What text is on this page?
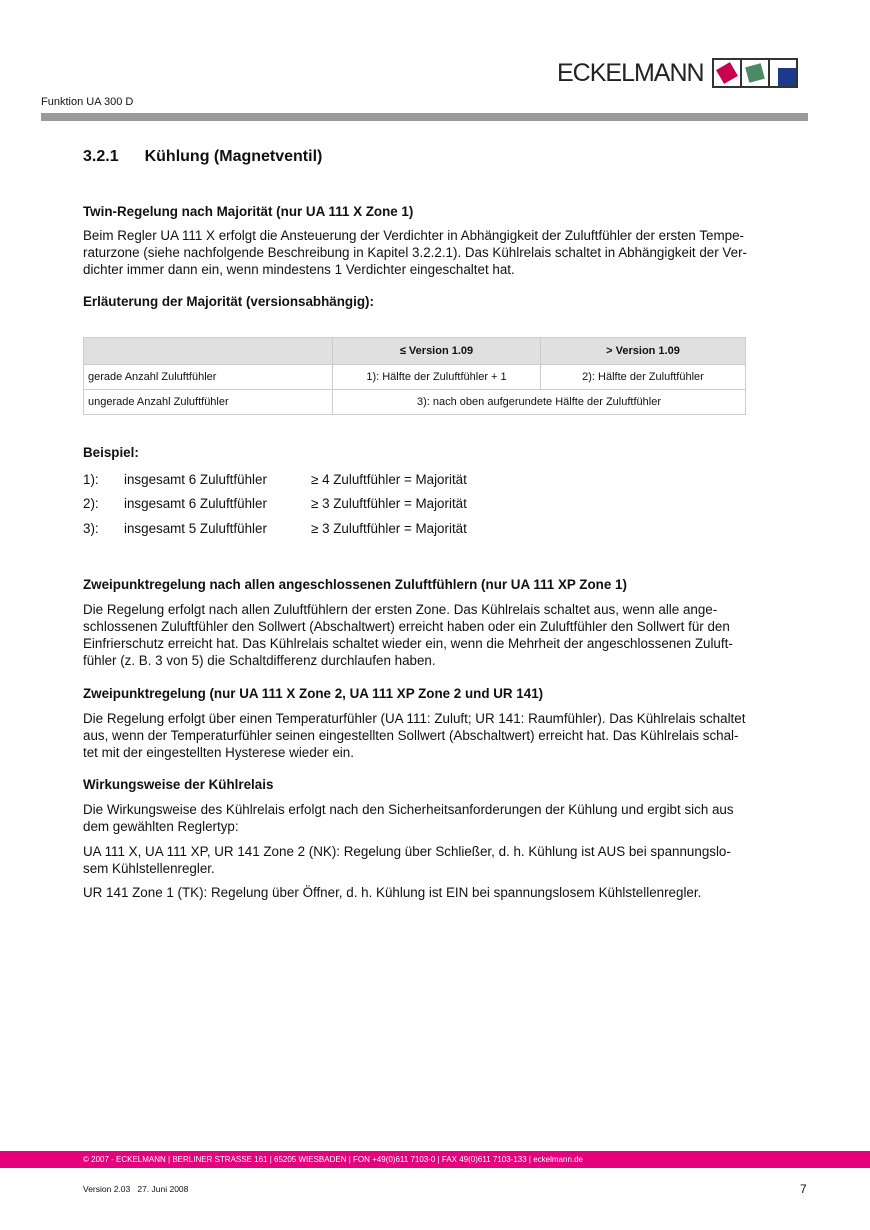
ECKELMANN
Funktion UA 300 D
3.2.1 Kühlung (Magnetventil)
Twin-Regelung nach Majorität (nur UA 111 X Zone 1)
Beim Regler UA 111 X erfolgt die Ansteuerung der Verdichter in Abhängigkeit der Zuluftfühler der ersten Tempe-
raturzone (siehe nachfolgende Beschreibung in Kapitel 3.2.2.1). Das Kühlrelais schaltet in Abhängigkeit der Ver-
dichter immer dann ein, wenn mindestens 1 Verdichter eingeschaltet hat.
Erläuterung der Majorität (versionsabhängig):
	≤ Version 1.09	> Version 1.09
gerade Anzahl Zuluftfühler	1): Hälfte der Zuluftfühler + 1	2): Hälfte der Zuluftfühler
ungerade Anzahl Zuluftfühler	3): nach oben aufgerundete Hälfte der Zuluftfühler	
Beispiel:
1):	insgesamt 6 Zuluftfühler	≥ 4 Zuluftfühler = Majorität
2):	insgesamt 6 Zuluftfühler	≥ 3 Zuluftfühler = Majorität
3):	insgesamt 5 Zuluftfühler	≥ 3 Zuluftfühler = Majorität
Zweipunktregelung nach allen angeschlossenen Zuluftfühlern (nur UA 111 XP Zone 1)
Die Regelung erfolgt nach allen Zuluftfühlern der ersten Zone. Das Kühlrelais schaltet aus, wenn alle ange-
schlossenen Zuluftfühler den Sollwert (Abschaltwert) erreicht haben oder ein Zuluftfühler den Sollwert für den
Einfrierschutz erreicht hat. Das Kühlrelais schaltet wieder ein, wenn die Mehrheit der angeschlossenen Zuluft-
fühler (z. B. 3 von 5) die Schaltdifferenz durchlaufen haben.
Zweipunktregelung (nur UA 111 X Zone 2, UA 111 XP Zone 2 und UR 141)
Die Regelung erfolgt über einen Temperaturfühler (UA 111: Zuluft; UR 141: Raumfühler). Das Kühlrelais schaltet
aus, wenn der Temperaturfühler seinen eingestellten Sollwert (Abschaltwert) erreicht hat. Das Kühlrelais schal-
tet mit der eingestellten Hysterese wieder ein.
Wirkungsweise der Kühlrelais
Die Wirkungsweise des Kühlrelais erfolgt nach den Sicherheitsanforderungen der Kühlung und ergibt sich aus
dem gewählten Reglertyp:
UA 111 X, UA 111 XP, UR 141 Zone 2 (NK): Regelung über Schließer, d. h. Kühlung ist AUS bei spannungslo-
sem Kühlstellenregler.
UR 141 Zone 1 (TK): Regelung über Öffner, d. h. Kühlung ist EIN bei spannungslosem Kühlstellenregler.
© 2007 - ECKELMANN | BERLINER STRASSE 161 | 65205 WIESBADEN | FON +49(0)611 7103-0 | FAX 49(0)611 7103-133 | eckelmann.de
Version 2.03   27. Juni 2008	7
